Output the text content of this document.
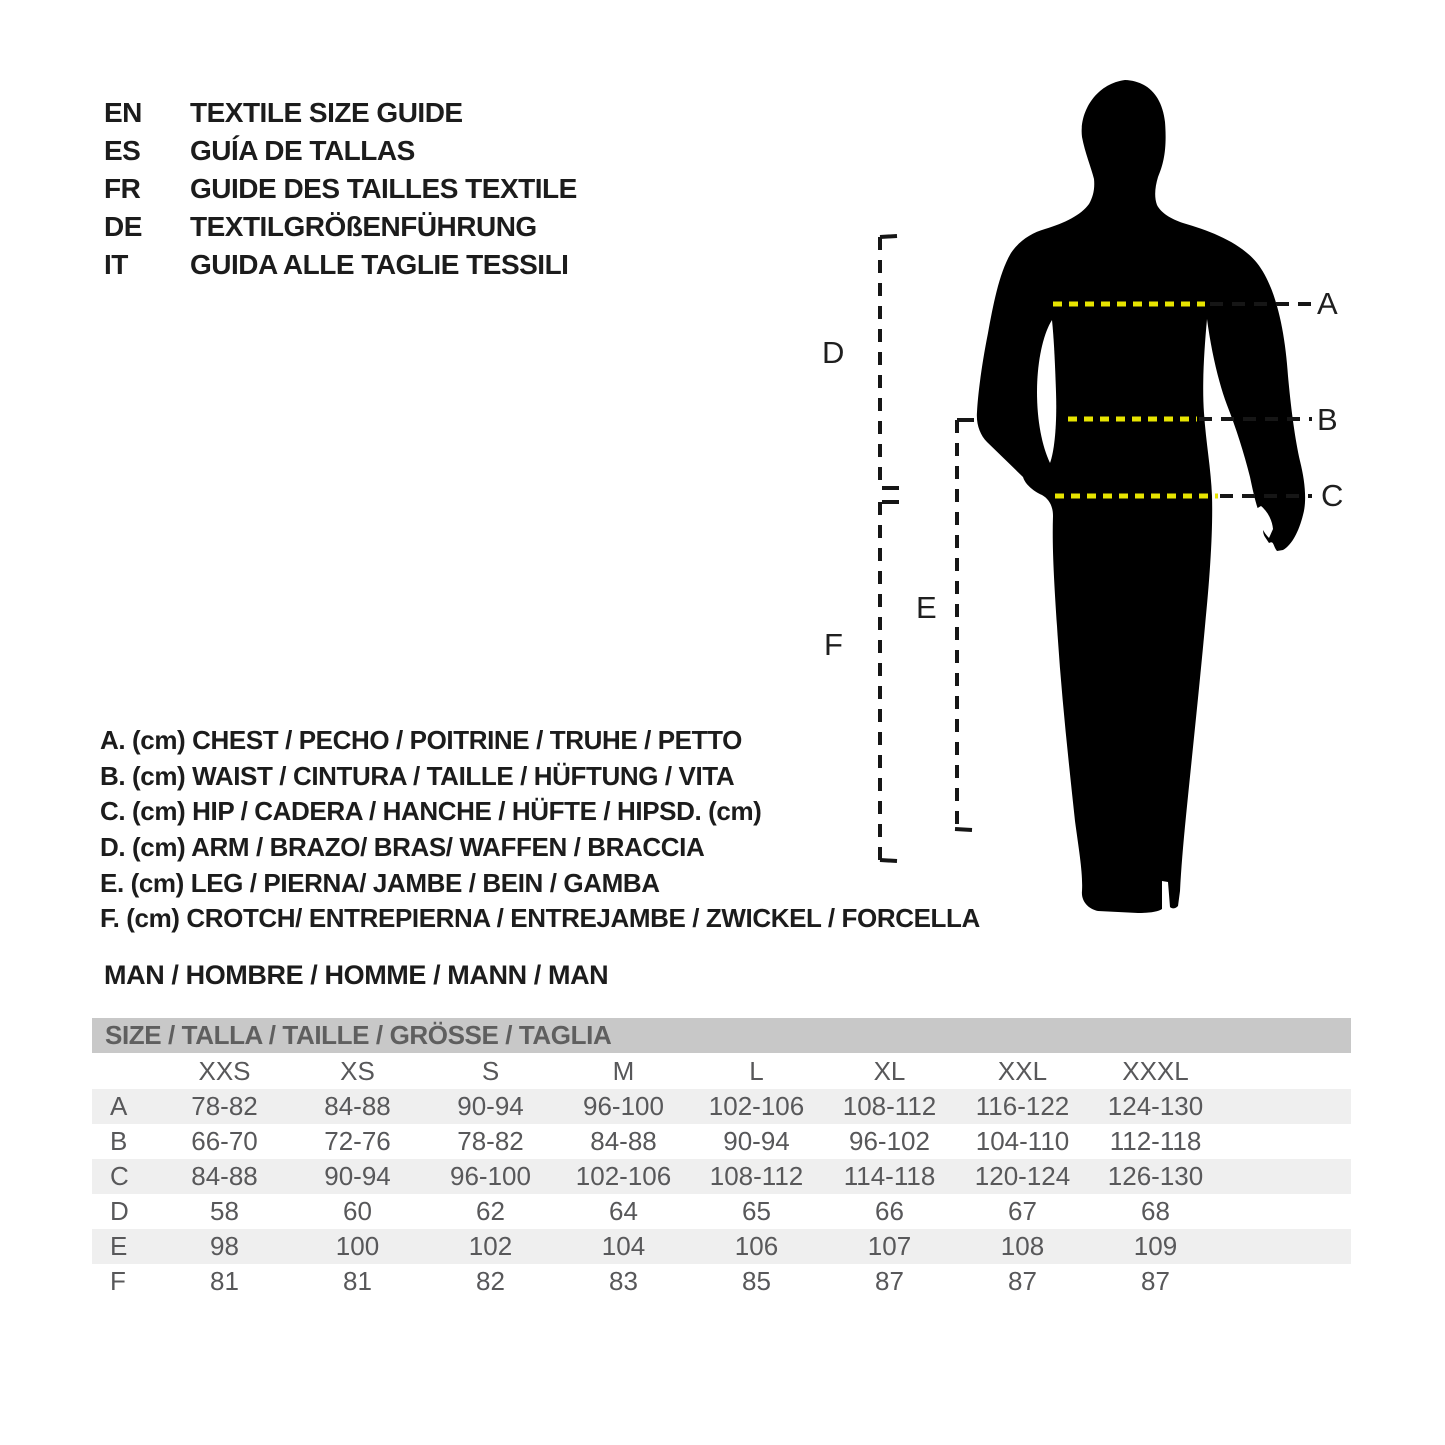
EN	TEXTILE SIZE GUIDE
ES	GUÍA DE TALLAS
FR	GUIDE DES TAILLES TEXTILE
DE	TEXTILGRÖßENFÜHRUNG
IT	GUIDA ALLE TAGLIE TESSILI
A
B
C
D
E
F
A. (cm) CHEST / PECHO / POITRINE / TRUHE / PETTO
B. (cm) WAIST / CINTURA / TAILLE / HÜFTUNG / VITA
C. (cm) HIP / CADERA / HANCHE / HÜFTE / HIPSD. (cm)
D. (cm) ARM / BRAZO/ BRAS/ WAFFEN / BRACCIA
E. (cm) LEG / PIERNA/ JAMBE / BEIN / GAMBA
F. (cm) CROTCH/ ENTREPIERNA / ENTREJAMBE / ZWICKEL / FORCELLA
MAN / HOMBRE / HOMME / MANN / MAN
SIZE / TALLA / TAILLE / GRÖSSE / TAGLIA
	XXS	XS	S	M	L	XL	XXL	XXXL	
A	78-82	84-88	90-94	96-100	102-106	108-112	116-122	124-130	
B	66-70	72-76	78-82	84-88	90-94	96-102	104-110	112-118	
C	84-88	90-94	96-100	102-106	108-112	114-118	120-124	126-130	
D	58	60	62	64	65	66	67	68	
E	98	100	102	104	106	107	108	109	
F	81	81	82	83	85	87	87	87	
